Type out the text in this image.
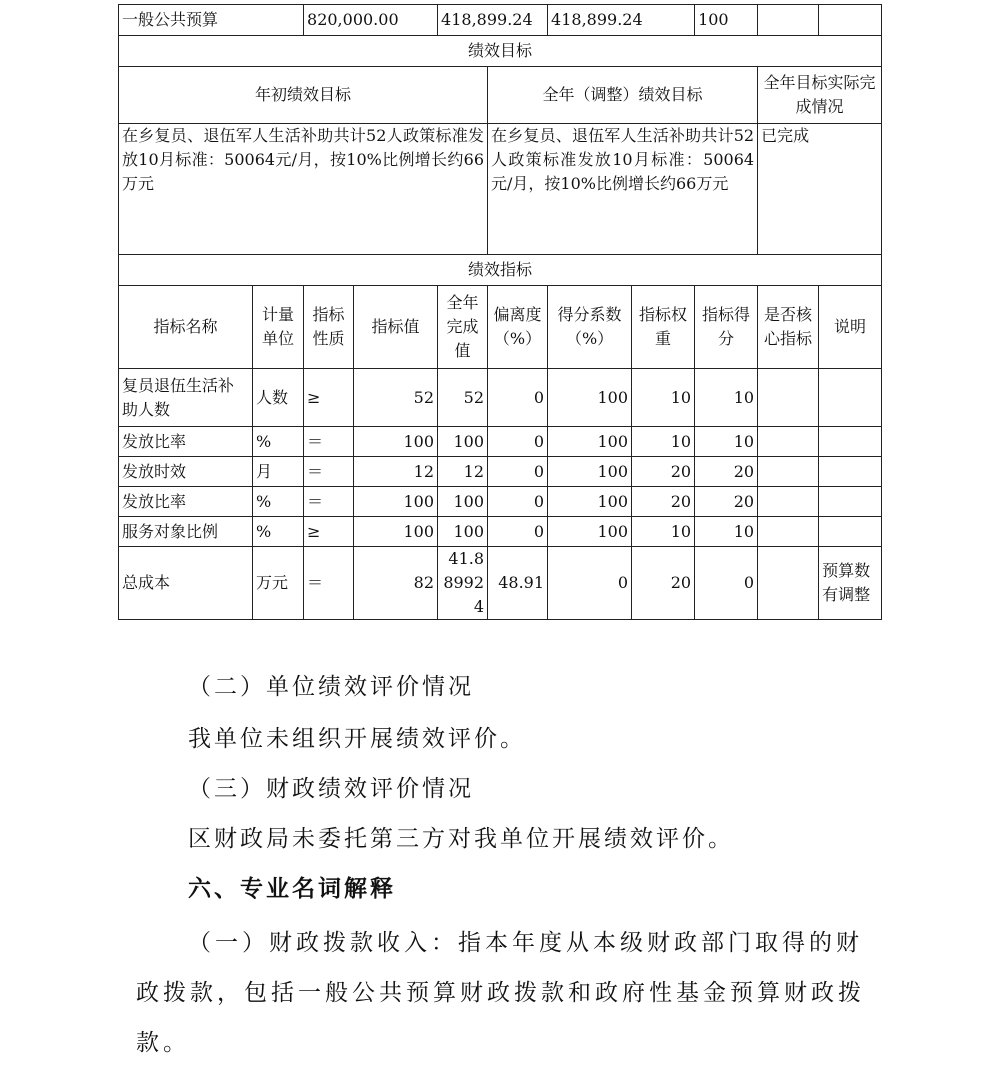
一般公共预算		820,000.00		418,899.24		418,899.24		100		
绩效目标										
年初绩效目标					全年（调整）绩效目标				全年目标实际完成情况	
在乡复员、退伍军人生活补助共计52人政策标准发放10月标准：50064元/月，按10%比例增长约66万元					在乡复员、退伍军人生活补助共计52人政策标准发放10月标准：50064元/月，按10%比例增长约66万元				已完成	
绩效指标										
指标名称	计量单位	指标性质	指标值	全年完成值	偏离度（%）	得分系数（%）	指标权重	指标得分	是否核心指标	说明
复员退伍生活补助人数	人数	≥	52	52	0	100	10	10		
发放比率	%	＝	100	100	0	100	10	10		
发放时效	月	＝	12	12	0	100	20	20		
发放比率	%	＝	100	100	0	100	20	20		
服务对象比例	%	≥	100	100	0	100	10	10		
总成本	万元	＝	82	41.889924	48.91	0	20	0		预算数有调整
（二）单位绩效评价情况
我单位未组织开展绩效评价。
（三）财政绩效评价情况
区财政局未委托第三方对我单位开展绩效评价。
六、专业名词解释
（一）财政拨款收入：指本年度从本级财政部门取得的财政拨款，包括一般公共预算财政拨款和政府性基金预算财政拨款。
